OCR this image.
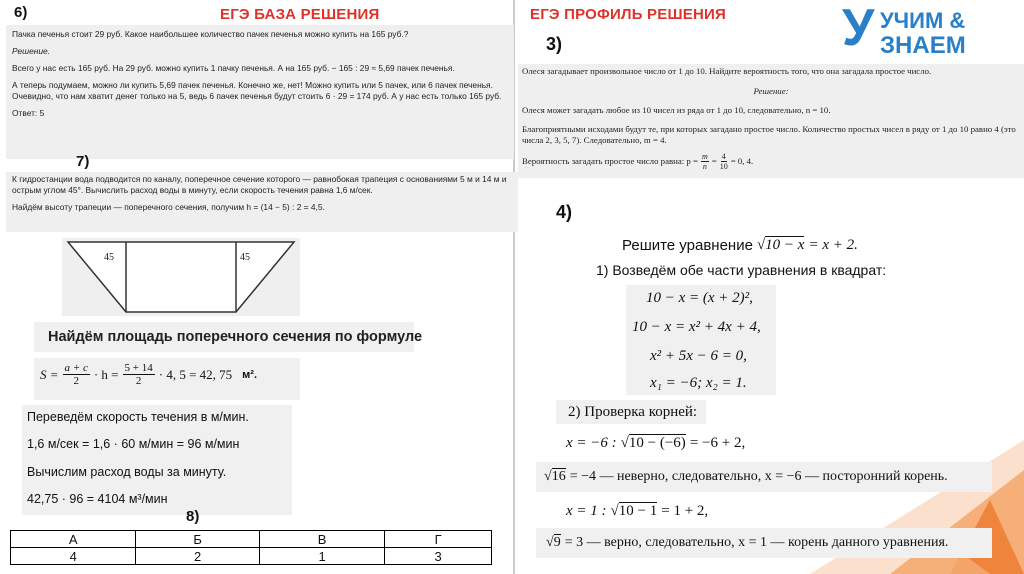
6)	ЕГЭ БАЗА РЕШЕНИЯ

Пачка печенья стоит 29 руб. Какое наибольшее количество пачек печенья можно купить на 165 руб.?

Решение.

Всего у нас есть 165 руб. На 29 руб. можно купить 1 пачку печенья. А на 165 руб. − 165 : 29 ≈ 5,69 пачек печенья.

А теперь подумаем, можно ли купить 5,69 пачек печенья. Конечно же, нет! Можно купить или 5 пачек, или 6 пачек печенья. Очевидно, что нам хватит денег только на 5, ведь 6 пачек печенья будут стоить 6 · 29 = 174 руб. А у нас есть только 165 руб.

Ответ: 5

7)

К гидростанции вода подводится по каналу, поперечное сечение которого — равнобокая трапеция с основаниями 5 м и 14 м и острым углом 45°. Вычислить расход воды в минуту, если скорость течения равна 1,6 м/сек.

Найдём высоту трапеции — поперечного сечения, получим h = (14 − 5) : 2 = 4,5.

45	45
Найдём площадь поперечного сечения по формуле
$S = \frac{a + c}{2} \cdot h = \frac{5 + 14}{2} \cdot 4$, 5 = 42, 75 м².
Переведём скорость течения в м/мин.
1,6 м/сек = 1,6 · 60 м/мин = 96 м/мин
Вычислим расход воды за минуту.
42,75 · 96 = 4104 м³/мин
8)
А	Б	В	Г
4	2	1	3
ЕГЭ ПРОФИЛЬ РЕШЕНИЯ У УЧИМ &
ЗНАЕМ
3)

Олеся загадывает произвольное число от 1 до 10. Найдите вероятность того, что она загадала простое число.

Решение:

Олеся может загадать любое из 10 чисел из ряда от 1 до 10, следовательно, n = 10.

Благоприятными исходами будут те, при которых загадано простое число. Количество простых чисел в ряду от 1 до 10 равно 4 (это числа 2, 3, 5, 7). Следовательно, m = 4.

Вероятность загадать простое число равна: $p = \frac{m}{n} = \frac{4}{10} = 0$, 4.

4)
Решите уравнение √ 10 − x = x + 2.
1) Возведём обе части уравнения в квадрат:
10 − x = (x + 2)²,
10 − x = x² + 4x + 4,
x² + 5x − 6 = 0,
x₁ = −6; x₂ = 1.
2) Проверка корней:
x = −6 : √ 10 − (−6) = −6 + 2,
√ 16 = −4 — неверно, следовательно, x = −6 — посторонний корень.
x = 1 : √ 10 − 1 = 1 + 2,
√ 9 = 3 — верно, следовательно, x = 1 — корень данного уравнения.
